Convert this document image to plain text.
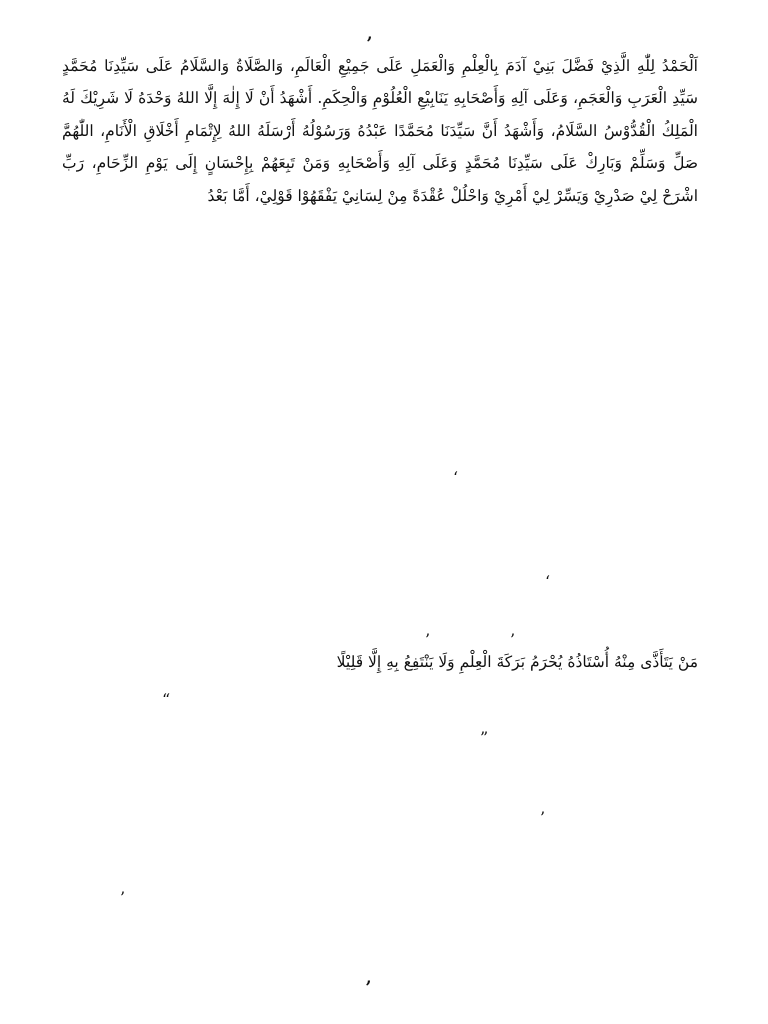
,
اَلْحَمْدُ لِلّٰهِ الَّذِيْ فَضَّلَ بَنِيْ آدَمَ بِالْعِلْمِ وَالْعَمَلِ عَلَى جَمِيْعِ الْعَالَمِ، وَالصَّلَاةُ وَالسَّلَامُ عَلَى سَيِّدِنَا مُحَمَّدٍ سَيِّدِ الْعَرَبِ وَالْعَجَمِ، وَعَلَى آلِهِ وَأَصْحَابِهِ يَنَابِيْعِ الْعُلُوْمِ وَالْحِكَمِ. أَشْهَدُ أَنْ لَا إِلٰهَ إِلَّا اللهُ وَحْدَهُ لَا شَرِيْكَ لَهُ الْمَلِكُ الْقُدُّوْسُ السَّلَامُ، وَأَشْهَدُ أَنَّ سَيِّدَنَا مُحَمَّدًا عَبْدُهُ وَرَسُوْلُهُ أَرْسَلَهُ اللهُ لِإِتْمَامِ أَخْلَاقِ الْأَنَامِ، اللّٰهُمَّ صَلِّ وَسَلِّمْ وَبَارِكْ عَلَى سَيِّدِنَا مُحَمَّدٍ وَعَلَى آلِهِ وَأَصْحَابِهِ وَمَنْ تَبِعَهُمْ بِإِحْسَانٍ إِلَى يَوْمِ الزِّحَامِ، رَبِّ اشْرَحْ لِيْ صَدْرِيْ وَيَسِّرْ لِيْ أَمْرِيْ وَاحْلُلْ عُقْدَةً مِنْ لِسَانِيْ يَفْقَهُوْا قَوْلِيْ، أَمَّا بَعْدُ
‘
‘
’	’
مَنْ يَتَأَذَّى مِنْهُ أُسْتَاذُهُ يُحْرَمُ بَرَكَةَ الْعِلْمِ وَلَا يَنْتَفِعُ بِهِ إِلَّا قَلِيْلًا
“
”
’
’
,
